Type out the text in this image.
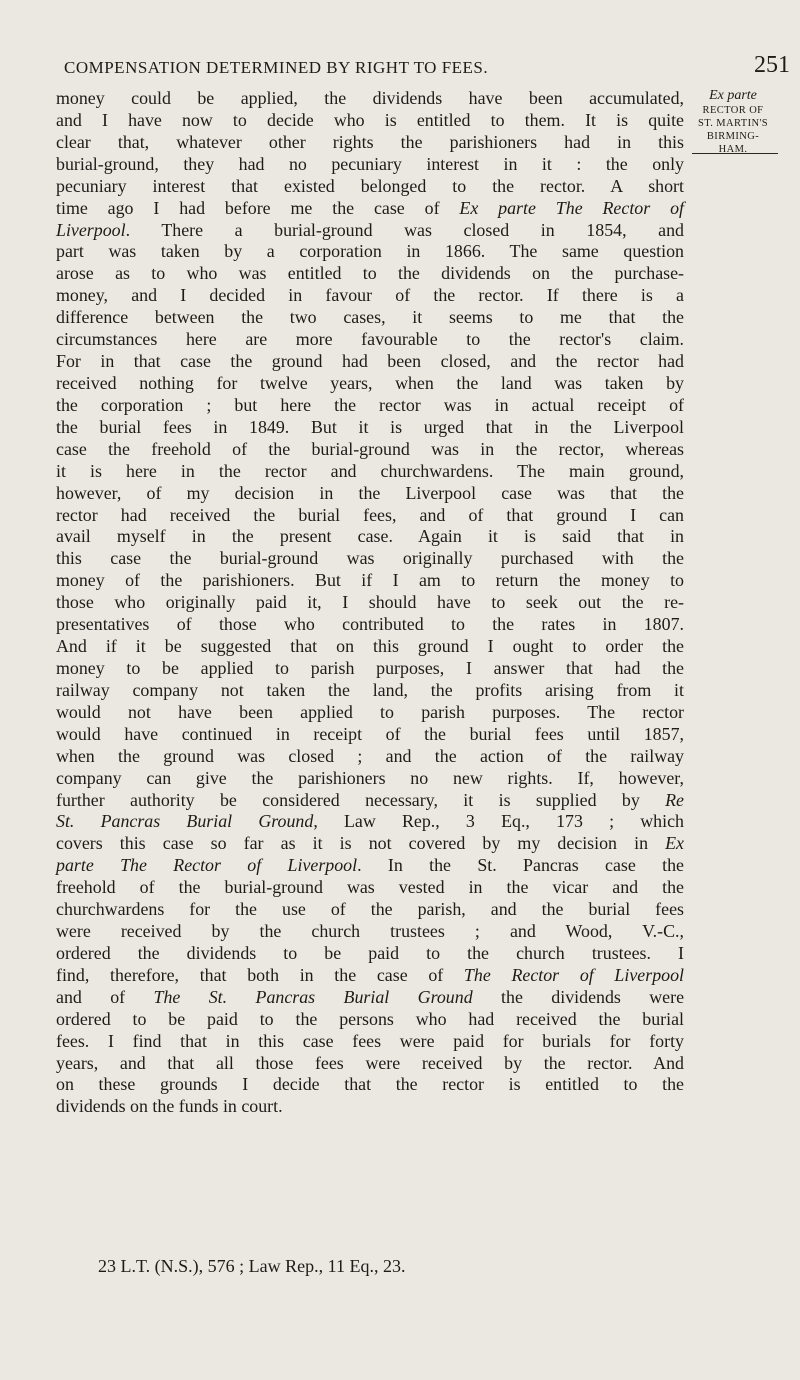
COMPENSATION DETERMINED BY RIGHT TO FEES.	251
Ex parte
RECTOR OF
ST. MARTIN'S
BIRMING-
HAM.
money could be applied, the dividends have been accumulated,
and I have now to decide who is entitled to them. It is quite
clear that, whatever other rights the parishioners had in this
burial-ground, they had no pecuniary interest in it : the only
pecuniary interest that existed belonged to the rector. A short
time ago I had before me the case of Ex parte The Rector of
Liverpool. There a burial-ground was closed in 1854, and
part was taken by a corporation in 1866. The same question
arose as to who was entitled to the dividends on the purchase-
money, and I decided in favour of the rector. If there is a
difference between the two cases, it seems to me that the
circumstances here are more favourable to the rector's claim.
For in that case the ground had been closed, and the rector had
received nothing for twelve years, when the land was taken by
the corporation ; but here the rector was in actual receipt of
the burial fees in 1849. But it is urged that in the Liverpool
case the freehold of the burial-ground was in the rector, whereas
it is here in the rector and churchwardens. The main ground,
however, of my decision in the Liverpool case was that the
rector had received the burial fees, and of that ground I can
avail myself in the present case. Again it is said that in
this case the burial-ground was originally purchased with the
money of the parishioners. But if I am to return the money to
those who originally paid it, I should have to seek out the re-
presentatives of those who contributed to the rates in 1807.
And if it be suggested that on this ground I ought to order the
money to be applied to parish purposes, I answer that had the
railway company not taken the land, the profits arising from it
would not have been applied to parish purposes. The rector
would have continued in receipt of the burial fees until 1857,
when the ground was closed ; and the action of the railway
company can give the parishioners no new rights. If, however,
further authority be considered necessary, it is supplied by Re
St. Pancras Burial Ground, Law Rep., 3 Eq., 173 ; which
covers this case so far as it is not covered by my decision in Ex
parte The Rector of Liverpool. In the St. Pancras case the
freehold of the burial-ground was vested in the vicar and the
churchwardens for the use of the parish, and the burial fees
were received by the church trustees ; and Wood, V.-C.,
ordered the dividends to be paid to the church trustees. I
find, therefore, that both in the case of The Rector of Liverpool
and of The St. Pancras Burial Ground the dividends were
ordered to be paid to the persons who had received the burial
fees. I find that in this case fees were paid for burials for forty
years, and that all those fees were received by the rector. And
on these grounds I decide that the rector is entitled to the
dividends on the funds in court.
23 L.T. (N.S.), 576 ; Law Rep., 11 Eq., 23.
